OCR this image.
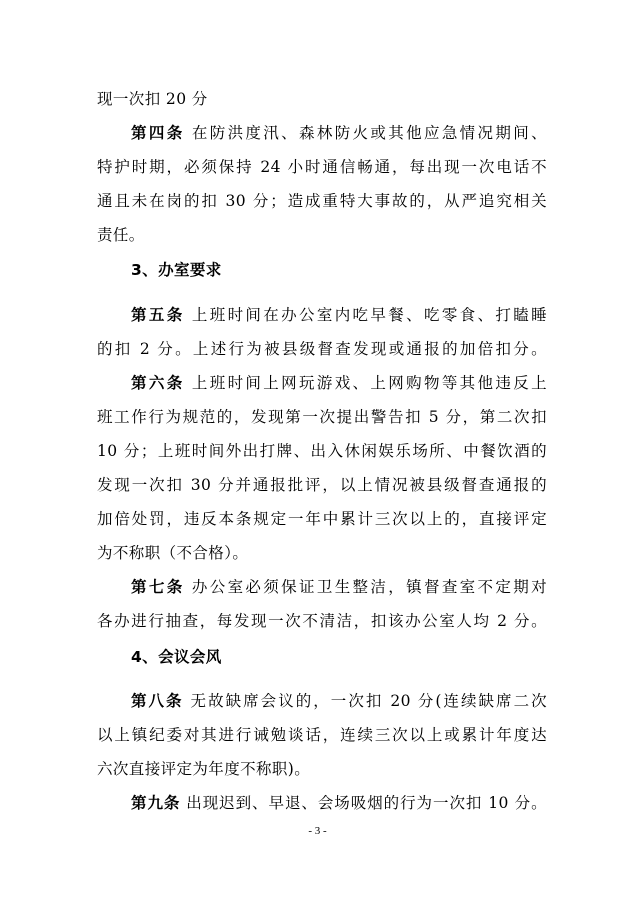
现一次扣 20 分
第四条 在防洪度汛、森林防火或其他应急情况期间、
特护时期，必须保持 24 小时通信畅通，每出现一次电话不
通且未在岗的扣 30 分；造成重特大事故的，从严追究相关
责任。
3、办室要求
第五条 上班时间在办公室内吃早餐、吃零食、打瞌睡
的扣 2 分。上述行为被县级督查发现或通报的加倍扣分。
第六条 上班时间上网玩游戏、上网购物等其他违反上
班工作行为规范的，发现第一次提出警告扣 5 分，第二次扣
10 分；上班时间外出打牌、出入休闲娱乐场所、中餐饮酒的
发现一次扣 30 分并通报批评，以上情况被县级督查通报的
加倍处罚，违反本条规定一年中累计三次以上的，直接评定
为不称职（不合格）。
第七条 办公室必须保证卫生整洁，镇督查室不定期对
各办进行抽查，每发现一次不清洁，扣该办公室人均 2 分。
4、会议会风
第八条 无故缺席会议的，一次扣 20 分(连续缺席二次
以上镇纪委对其进行诫勉谈话，连续三次以上或累计年度达
六次直接评定为年度不称职)。
第九条 出现迟到、早退、会场吸烟的行为一次扣 10 分。
- 3 -
